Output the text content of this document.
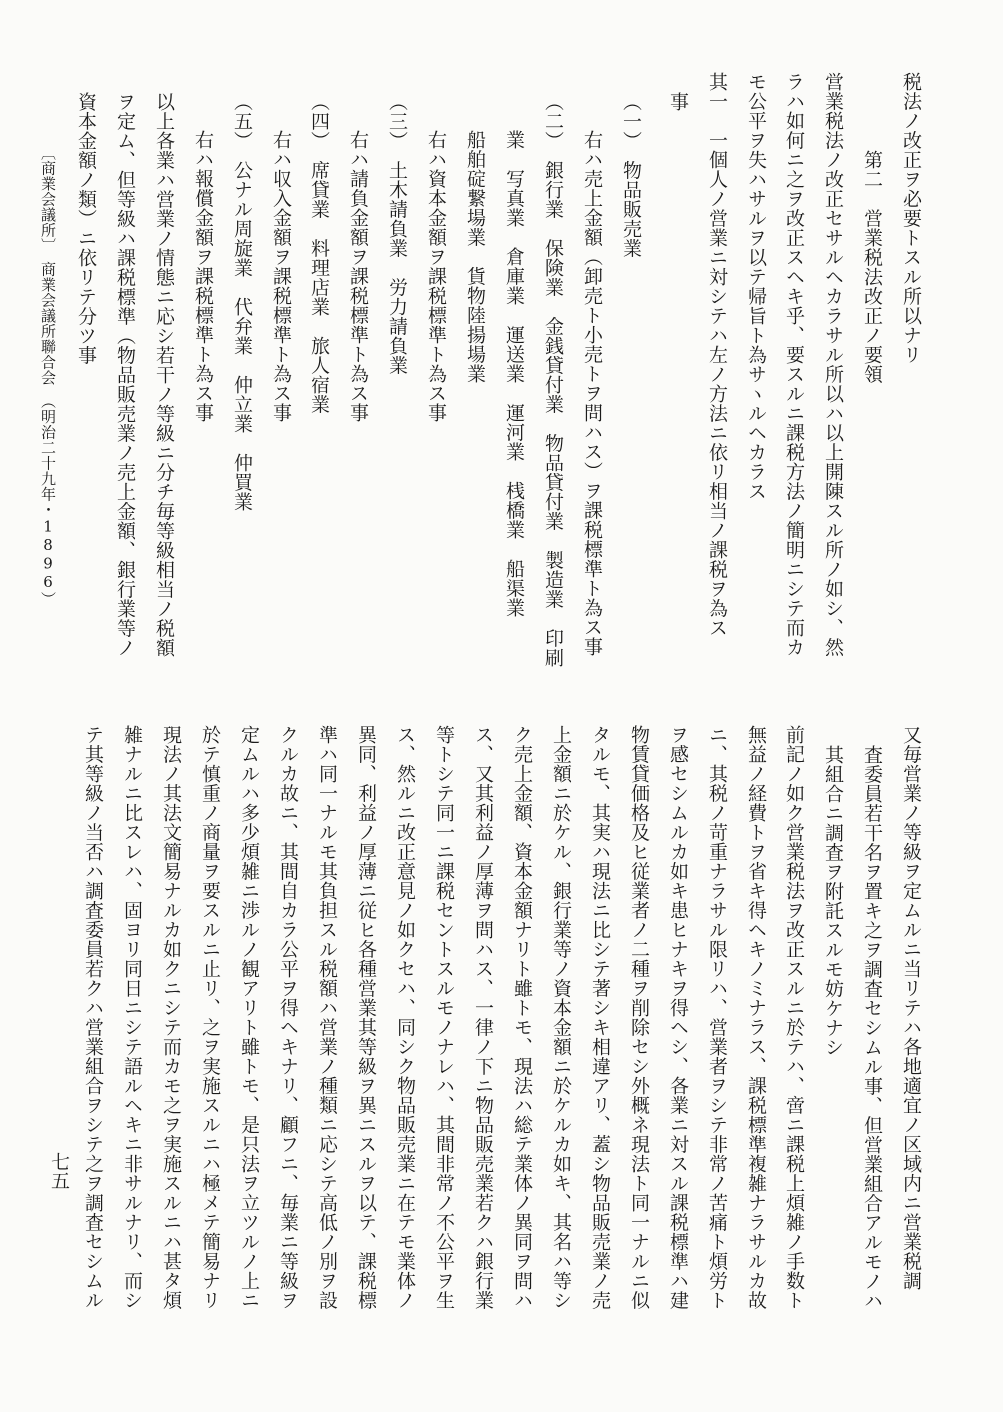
税法ノ改正ヲ必要トスル所以ナリ
第二　営業税法改正ノ要領
営業税法ノ改正セサルヘカラサル所以ハ以上開陳スル所ノ如シ、然
ラハ如何ニ之ヲ改正スヘキ乎、要スルニ課税方法ノ簡明ニシテ而カ
モ公平ヲ失ハサルヲ以テ帰旨ト為サヽルヘカラス
其一　一個人ノ営業ニ対シテハ左ノ方法ニ依リ相当ノ課税ヲ為ス
事
（一）　物品販売業
右ハ売上金額（卸売ト小売トヲ問ハス）ヲ課税標準ト為ス事
（二）　銀行業　保険業　金銭貸付業　物品貸付業　製造業　印刷
業　写真業　倉庫業　運送業　運河業　桟橋業　船渠業
船舶碇繋場業　貨物陸揚場業
右ハ資本金額ヲ課税標準ト為ス事
（三）　土木請負業　労力請負業
右ハ請負金額ヲ課税標準ト為ス事
（四）　席貸業　料理店業　旅人宿業
右ハ収入金額ヲ課税標準ト為ス事
（五）　公ナル周旋業　代弁業　仲立業　仲買業
右ハ報償金額ヲ課税標準ト為ス事
以上各業ハ営業ノ情態ニ応シ若干ノ等級ニ分チ毎等級相当ノ税額
ヲ定ム、但等級ハ課税標準（物品販売業ノ売上金額、銀行業等ノ
資本金額ノ類）ニ依リテ分ツ事
〔商業会議所〕　商業会議所聯合会　（明治二十九年・1896）
又毎営業ノ等級ヲ定ムルニ当リテハ各地適宜ノ区域内ニ営業税調
査委員若干名ヲ置キ之ヲ調査セシムル事、但営業組合アルモノハ
其組合ニ調査ヲ附託スルモ妨ケナシ
前記ノ如ク営業税法ヲ改正スルニ於テハ、啻ニ課税上煩雑ノ手数ト
無益ノ経費トヲ省キ得ヘキノミナラス、課税標準複雑ナラサルカ故
ニ、其税ノ苛重ナラサル限リハ、営業者ヲシテ非常ノ苦痛ト煩労ト
ヲ感セシムルカ如キ患ヒナキヲ得ヘシ、各業ニ対スル課税標準ハ建
物賃貸価格及ヒ従業者ノ二種ヲ削除セシ外概ネ現法ト同一ナルニ似
タルモ、其実ハ現法ニ比シテ著シキ相違アリ、蓋シ物品販売業ノ売
上金額ニ於ケル、銀行業等ノ資本金額ニ於ケルカ如キ、其名ハ等シ
ク売上金額、資本金額ナリト雖トモ、現法ハ総テ業体ノ異同ヲ問ハ
ス、又其利益ノ厚薄ヲ問ハス、一律ノ下ニ物品販売業若クハ銀行業
等トシテ同一ニ課税セントスルモノナレハ、其間非常ノ不公平ヲ生
ス、然ルニ改正意見ノ如クセハ、同シク物品販売業ニ在テモ業体ノ
異同、利益ノ厚薄ニ従ヒ各種営業其等級ヲ異ニスルヲ以テ、課税標
準ハ同一ナルモ其負担スル税額ハ営業ノ種類ニ応シテ高低ノ別ヲ設
クルカ故ニ、其間自カラ公平ヲ得ヘキナリ、顧フニ、毎業ニ等級ヲ
定ムルハ多少煩雑ニ渉ルノ観アリト雖トモ、是只法ヲ立ツルノ上ニ
於テ慎重ノ商量ヲ要スルニ止リ、之ヲ実施スルニハ極メテ簡易ナリ
現法ノ其法文簡易ナルカ如クニシテ而カモ之ヲ実施スルニハ甚タ煩
雑ナルニ比スレハ、固ヨリ同日ニシテ語ルヘキニ非サルナリ、而シ
テ其等級ノ当否ハ調査委員若クハ営業組合ヲシテ之ヲ調査セシムル
七五
